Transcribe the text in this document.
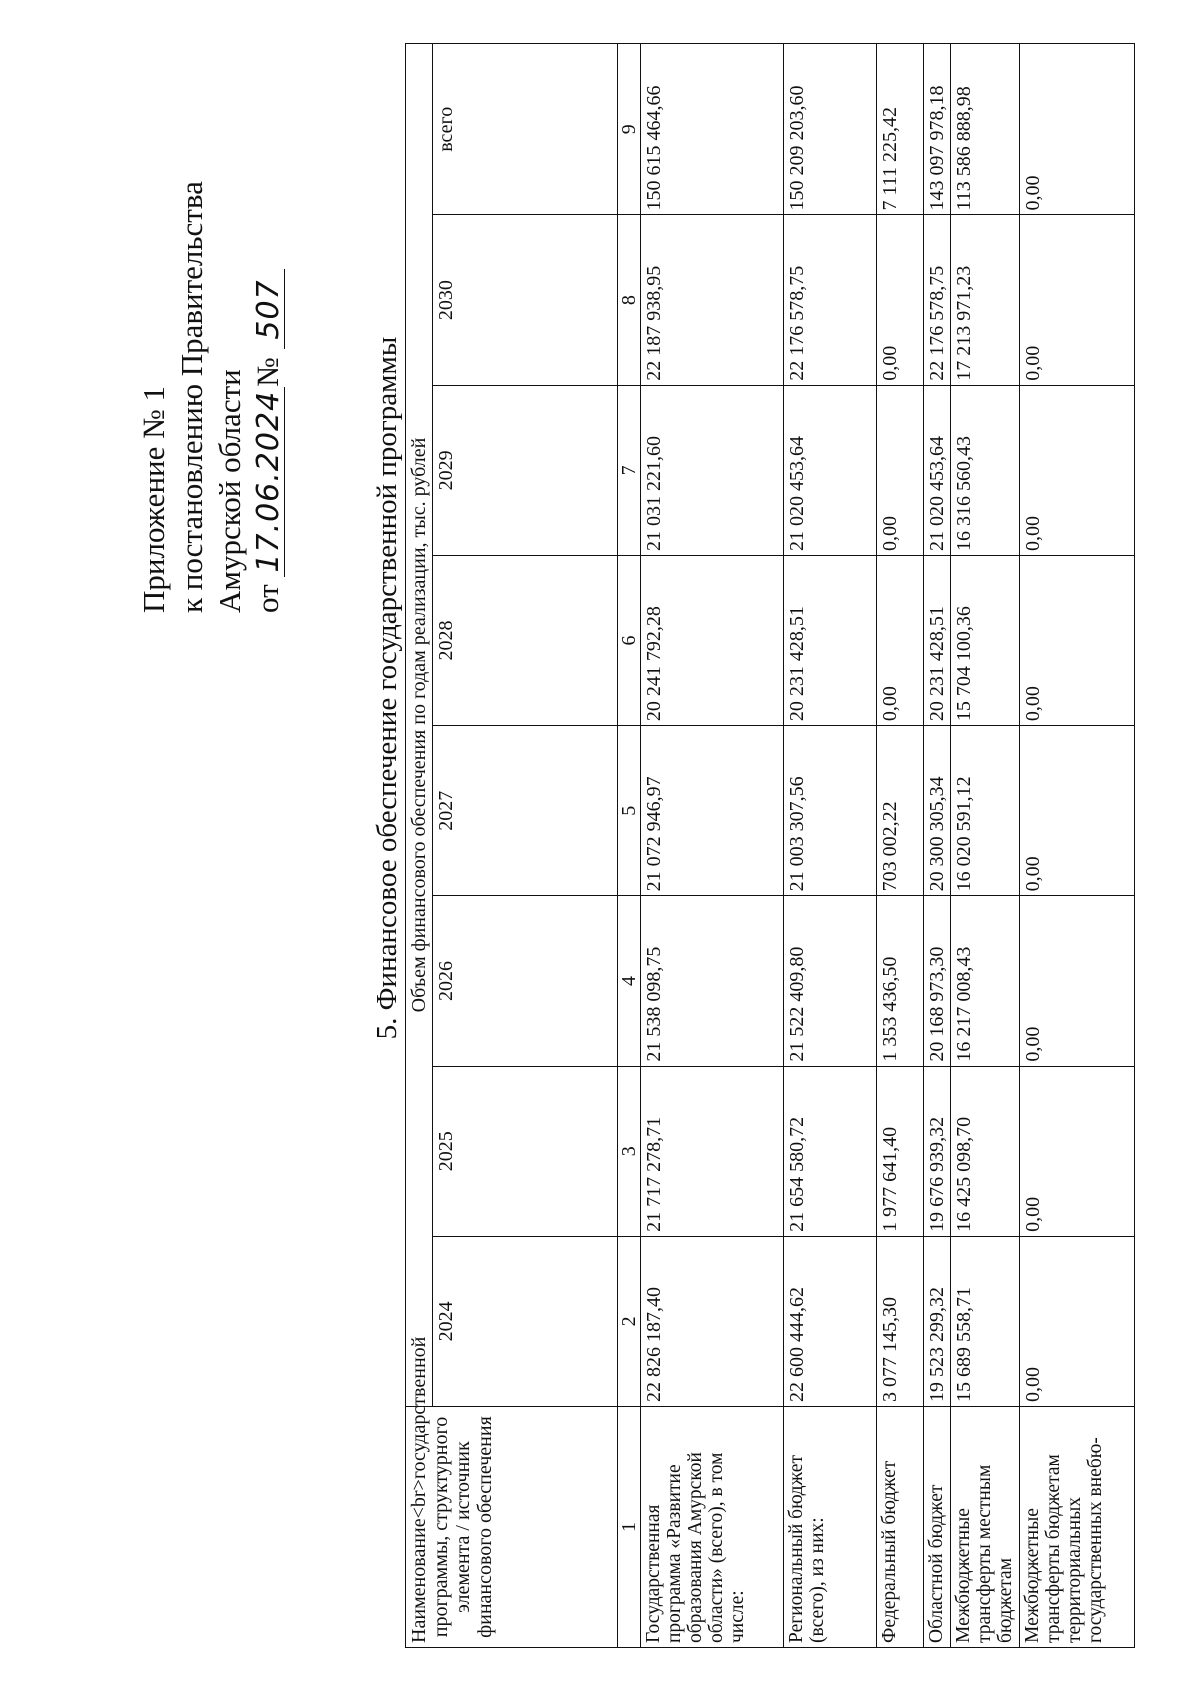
Приложение № 1 к постановлению Правительства Амурской области от 17.06.2024№ 507
5. Финансовое обеспечение государственной программы
Наименование<br>государственной программы, структурного элемента / источник финансового обеспечения	Объем финансового обеспечения по годам реализации, тыс. рублей							
	2024	2025	2026	2027	2028	2029	2030	всего
1	2	3	4	5	6	7	8	9
Государственная программа «Развитие образования Амурской области» (всего), в том числе:	22 826 187,40	21 717 278,71	21 538 098,75	21 072 946,97	20 241 792,28	21 031 221,60	22 187 938,95	150 615 464,66
Региональный бюджет (всего), из них:	22 600 444,62	21 654 580,72	21 522 409,80	21 003 307,56	20 231 428,51	21 020 453,64	22 176 578,75	150 209 203,60
Федеральный бюджет	3 077 145,30	1 977 641,40	1 353 436,50	703 002,22	0,00	0,00	0,00	7 111 225,42
Областной бюджет	19 523 299,32	19 676 939,32	20 168 973,30	20 300 305,34	20 231 428,51	21 020 453,64	22 176 578,75	143 097 978,18
Межбюджетные трансферты местным бюджетам	15 689 558,71	16 425 098,70	16 217 008,43	16 020 591,12	15 704 100,36	16 316 560,43	17 213 971,23	113 586 888,98
Межбюджетные трансферты бюджетам территориальных государственных внебю-	0,00	0,00	0,00	0,00	0,00	0,00	0,00	0,00
